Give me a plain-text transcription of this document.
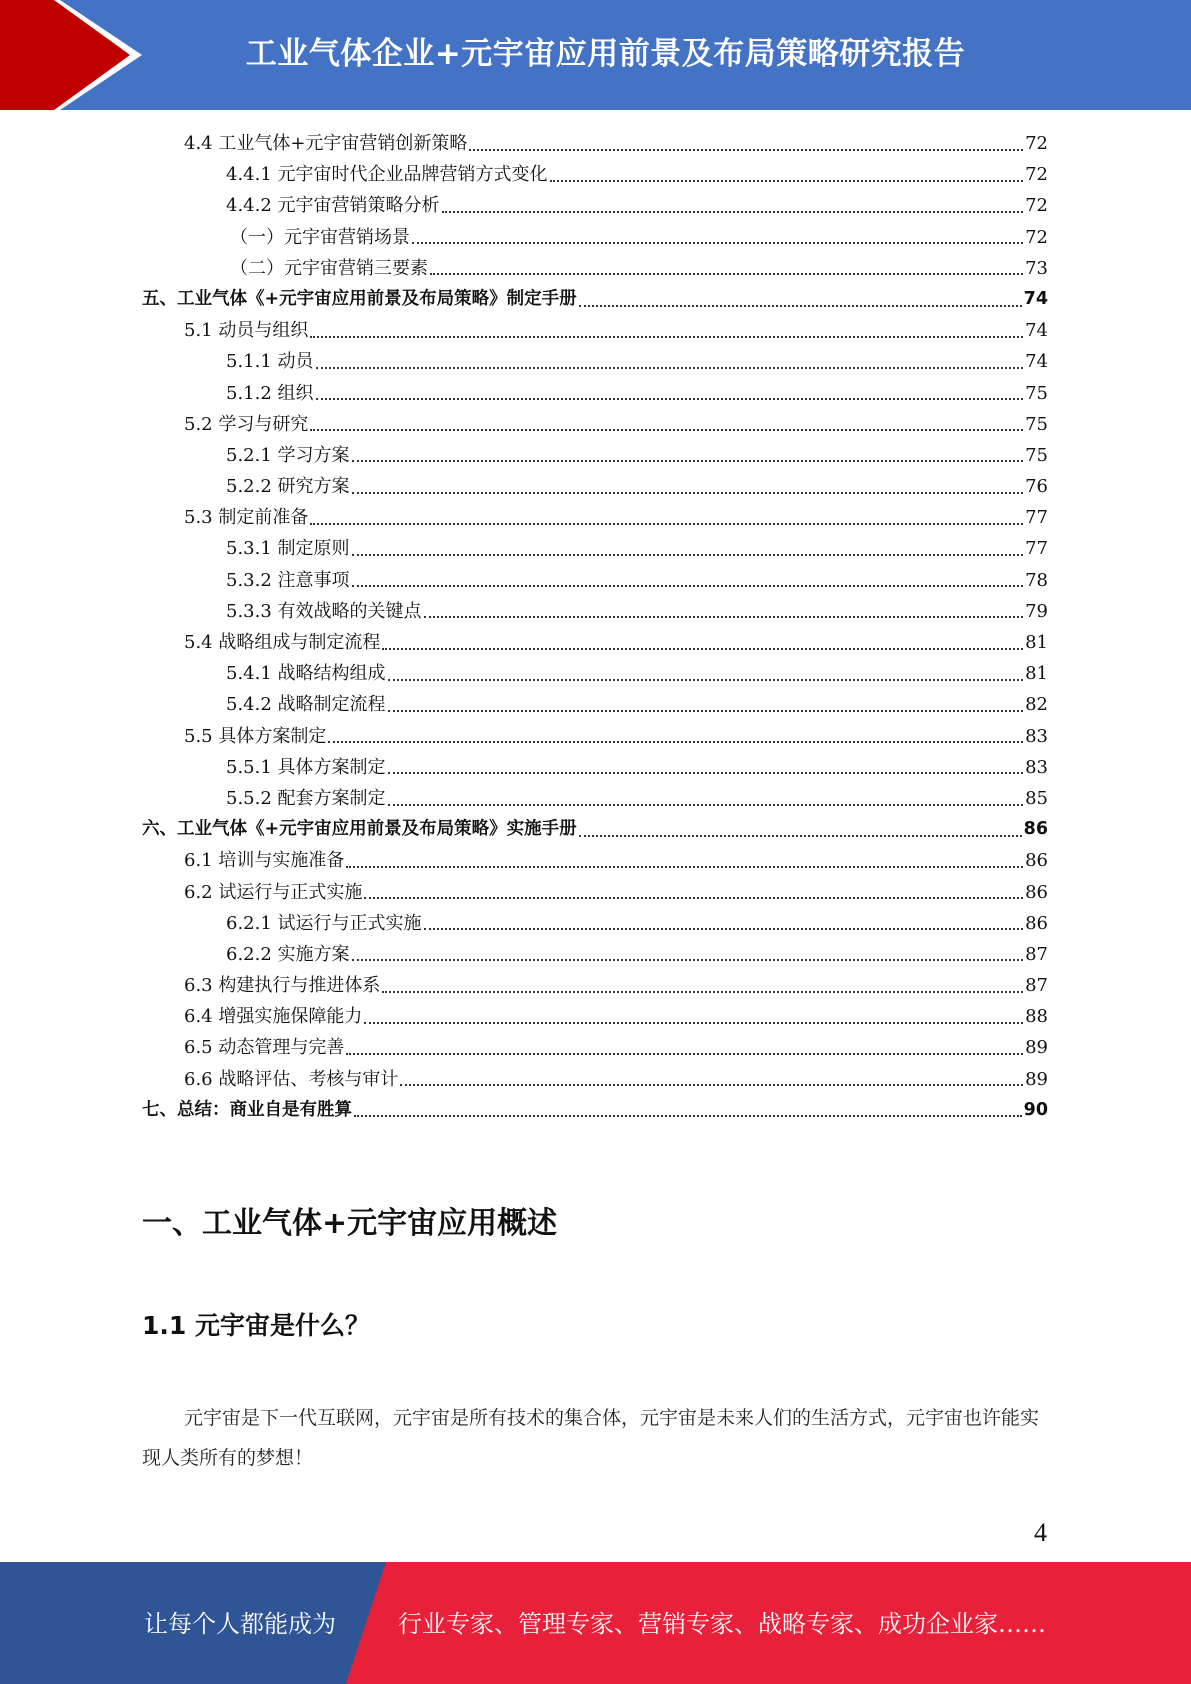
工业气体企业+元宇宙应用前景及布局策略研究报告
4.4 工业气体+元宇宙营销创新策略	72
4.4.1 元宇宙时代企业品牌营销方式变化	72
4.4.2 元宇宙营销策略分析	72
（一）元宇宙营销场景	72
（二）元宇宙营销三要素	73
五、工业气体《+元宇宙应用前景及布局策略》制定手册	74
5.1 动员与组织	74
5.1.1 动员	74
5.1.2 组织	75
5.2 学习与研究	75
5.2.1 学习方案	75
5.2.2 研究方案	76
5.3 制定前准备	77
5.3.1 制定原则	77
5.3.2 注意事项	78
5.3.3 有效战略的关键点	79
5.4 战略组成与制定流程	81
5.4.1 战略结构组成	81
5.4.2 战略制定流程	82
5.5 具体方案制定	83
5.5.1 具体方案制定	83
5.5.2 配套方案制定	85
六、工业气体《+元宇宙应用前景及布局策略》实施手册	86
6.1 培训与实施准备	86
6.2 试运行与正式实施	86
6.2.1 试运行与正式实施	86
6.2.2 实施方案	87
6.3 构建执行与推进体系	87
6.4 增强实施保障能力	88
6.5 动态管理与完善	89
6.6 战略评估、考核与审计	89
七、总结：商业自是有胜算	90
一、工业气体+元宇宙应用概述
1.1 元宇宙是什么？
元宇宙是下一代互联网，元宇宙是所有技术的集合体，元宇宙是未来人们的生活方式，元宇宙也许能实现人类所有的梦想！
4
让每个人都能成为	行业专家、管理专家、营销专家、战略专家、成功企业家……
